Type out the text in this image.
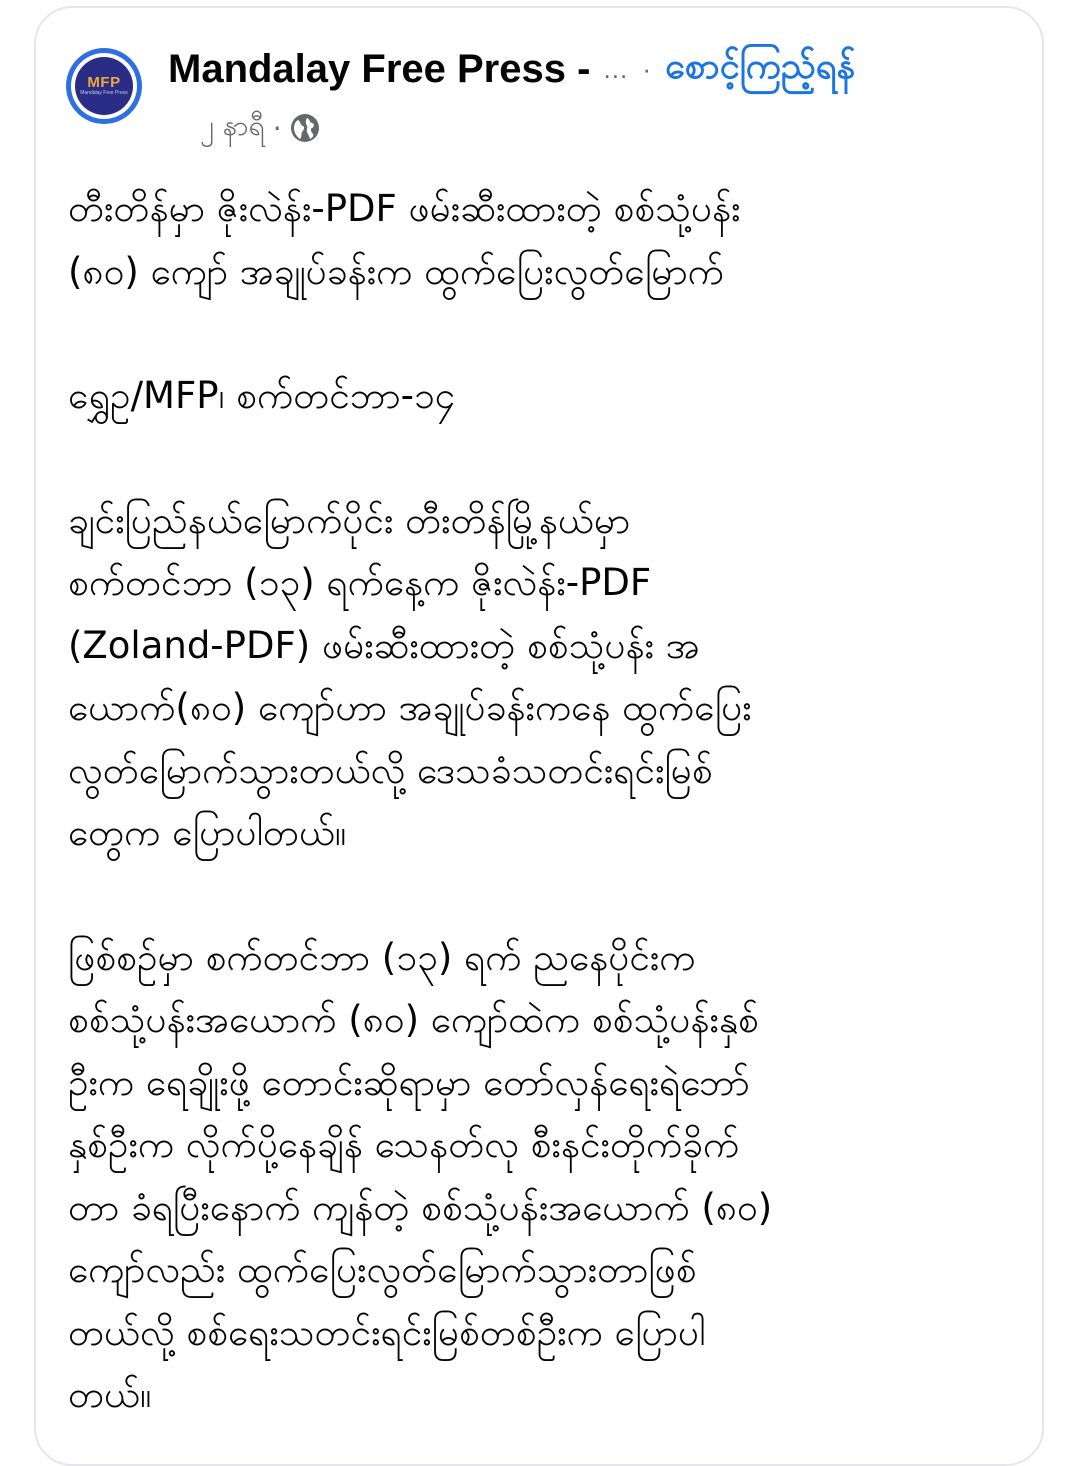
MFP
Mandalay Free Press
Mandalay Free Press - … · စောင့်ကြည့်ရန်
၂ နာရီ ·

တီးတိန်မှာ ဇိုးလဲန်း-PDF ဖမ်းဆီးထားတဲ့ စစ်သုံ့ပန်း
(၈၀) ကျော် အချုပ်ခန်းက ထွက်ပြေးလွတ်မြောက်

ရွှေဥ/MFP၊ စက်တင်ဘာ-၁၄

ချင်းပြည်နယ်မြောက်ပိုင်း တီးတိန်မြို့နယ်မှာ
စက်တင်ဘာ (၁၃) ရက်နေ့က ဇိုးလဲန်း-PDF
(Zoland-PDF) ဖမ်းဆီးထားတဲ့ စစ်သုံ့ပန်း အ
ယောက်(၈၀) ကျော်ဟာ အချုပ်ခန်းကနေ ထွက်ပြေး
လွတ်မြောက်သွားတယ်လို့ ဒေသခံသတင်းရင်းမြစ်
တွေက ပြောပါတယ်။

ဖြစ်စဉ်မှာ စက်တင်ဘာ (၁၃) ရက် ညနေပိုင်းက
စစ်သုံ့ပန်းအယောက် (၈၀) ကျော်ထဲက စစ်သုံ့ပန်းနှစ်
ဦးက ရေချိုးဖို့ တောင်းဆိုရာမှာ တော်လှန်ရေးရဲဘော်
နှစ်ဦးက လိုက်ပို့နေချိန် သေနတ်လု စီးနင်းတိုက်ခိုက်
တာ ခံရပြီးနောက် ကျန်တဲ့ စစ်သုံ့ပန်းအယောက် (၈၀)
ကျော်လည်း ထွက်ပြေးလွတ်မြောက်သွားတာဖြစ်
တယ်လို့ စစ်ရေးသတင်းရင်းမြစ်တစ်ဦးက ပြောပါ
တယ်။
